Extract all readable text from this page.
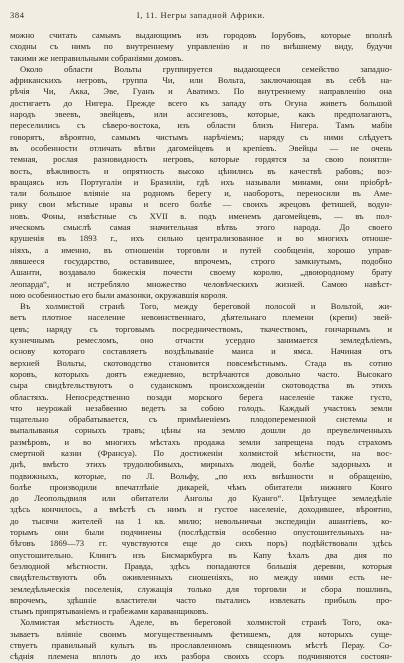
384	I, 11. Негры западной Африки.
можно считать самымъ выдающимъ изъ городовъ Іорубовъ, которые вполнѣ
сходны съ нимъ по внутреннему управленію и по внѣшнему виду, будучи
такими же неправильными собраніями домовъ.
Около области Вольты группируется выдающееся семейство западно-
африканскихъ негровъ, группа Чи, или Вольта, заключающая въ себѣ на-
рѣчія Чи, Акка, Эве, Гуанъ и Аватимэ. По внутреннему направленію она
достигаетъ до Нигера. Прежде всего къ западу отъ Огуна живетъ большой
народъ эвеевъ, эвейцевъ, или ассигезовъ, которые, какъ предполагаютъ,
переселились съ сѣверо-востока, изъ области близъ Нигера. Тамъ мабіи
говорятъ, вѣроятно, самымъ чистымъ нарѣчіемъ; наряду съ ними слѣдуетъ
въ особенности отличать вѣтви дагомейцевъ и крепіевъ. Эвейцы — не очень
темная, рослая разновидность негровъ, которые гордятся за свою понятли-
вость, вѣжливость и опрятность высоко цѣнились въ качествѣ рабовъ; воз-
вращаясь изъ Португаліи и Бразиліи, гдѣ ихъ называли минами, они пріобрѣ-
тали большое вліяніе на родномъ берегу и, наоборотъ, переносили въ Аме-
рику свои мѣстные нравы и всего болѣе — своихъ жрецовъ фетишей, водун-
новъ. Фоны, извѣстные съ XVII в. подъ именемъ дагомейцевъ, — въ пол-
ическомъ смыслѣ самая значительная вѣтвь этого народа. До своего
крушенія въ 1893 г., ихъ сильно централизованное и во многихъ отноше-
ніяхъ, а именно, въ отношеніи торговли и путей сообщенія, хорошо управ-
лявшееся государство, оставившее, впрочемъ, строго замкнутымъ, подобно
Ашанти, воздавало божескія почести своему королю, „двоюродному брату
леопарда“, и истребляло множество человѣческихъ жизней. Самою навѣст-
ною особенностью его были амазонки, окружавшія короля.
Въ холмистой странѣ Того, между береговой полосой и Вольтой, жи-
ветъ плотное население невоинственнаго, дѣятельнаго племени (крепи) эвей-
цевъ; наряду съ торговымъ посредничествомъ, ткачествомъ, гончарнымъ и
кузнечнымъ ремесломъ, оно отчасти усердно занимается земледѣліемъ,
основу котораго составляетъ воздѣлываніе маиса и ямса. Начиная отъ
верхней Вольты, скотоводство становится повсемѣстнымъ. Стада въ сотню
коровъ, которыхъ доятъ ежедневно, встрѣчаются довольно часто. Высокаго
сыра свидѣтельствуютъ о суданскомъ происхожденіи скотоводства въ этихъ
областяхъ. Непосредственно позади морского берега населеніе также густо,
что неурожай незабвенно ведетъ за собою голодъ. Каждый участокъ земли
тщательно обрабатывается, съ примѣненіемъ плодопеременной системы и
выпалыванья сорныхъ травъ; цѣны на землю дошли до преувеличенныхъ
размѣровъ, и во многихъ мѣстахъ продажа земли запрещена подъ страхомъ
смертной казни (Франсуа). По достиженіи холмистой мѣстности, на вос-
днѣ, вмѣсто этихъ трудолюбивыхъ, мирныхъ людей, болѣе задорныхъ и
подвижныхъ, которые, по Л. Вольфу, „по ихъ внѣшности и обращенію,
болѣе производили впечатлѣніе дикарей, чѣмъ обитатели нижняго Конго
до Леопольдвиля или обитатели Анголы до Куанго“. Цвѣтущее земледѣліе
здѣсь кончилось, а вмѣстѣ съ нимъ и густое населеніе, доходившее, вѣроятно,
до тысячи жителей на 1 кв. милю; невольничьи экспедиціи ашантіевъ, ко-
торымъ они были подчинены (послѣдствія особенно опустошительныхъ на-
бѣговъ 1869—73 гг. чувствуются еще до сихъ поръ) подѣйствовали здѣсь
опустошительно. Клингъ изъ Бисмаркбурга въ Капу ѣхалъ два дня по
безлюдной мѣстности. Правда, здѣсь попадаются большія деревни, которыя
свидѣтельствуютъ объ оживленныхъ сношеніяхъ, но между ними есть не-
земледѣльческія поселенія, служащія только для торговли и сбора пошлинъ,
впрочемъ, здѣшніе властители часто пытались извлекать прибыль про-
стымъ припрятываніемъ и грабежами караванщиковъ.
Холмистая мѣстность Аделе, въ береговой холмистой странѣ Того, ока-
зываетъ вліяніе своимъ могущественнымъ фетишемъ, для которыхъ суще-
ствуетъ правильный культъ въ прославленномъ священномъ мѣстѣ Перау. Со-
сѣднія племена вплоть до ихъ разбора своихъ ссоръ подчиняются состоян-
